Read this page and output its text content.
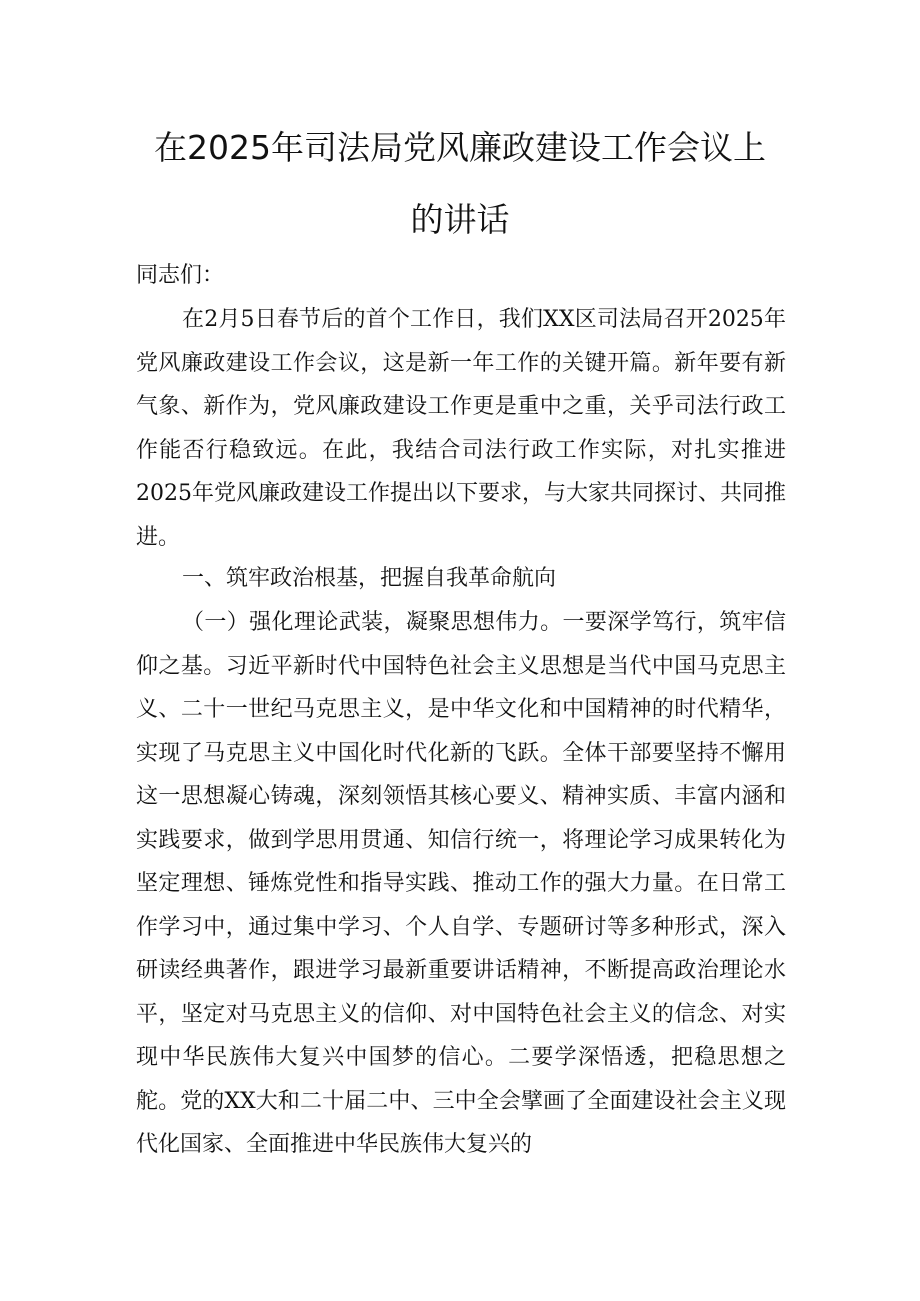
在2025年司法局党风廉政建设工作会议上
的讲话

同志们：

在2月5日春节后的首个工作日，我们XX区司法局召开2025年党风廉政建设工作会议，这是新一年工作的关键开篇。新年要有新气象、新作为，党风廉政建设工作更是重中之重，关乎司法行政工作能否行稳致远。在此，我结合司法行政工作实际，对扎实推进2025年党风廉政建设工作提出以下要求，与大家共同探讨、共同推进。

一、筑牢政治根基，把握自我革命航向

（一）强化理论武装，凝聚思想伟力。一要深学笃行，筑牢信仰之基。习近平新时代中国特色社会主义思想是当代中国马克思主义、二十一世纪马克思主义，是中华文化和中国精神的时代精华，实现了马克思主义中国化时代化新的飞跃。全体干部要坚持不懈用这一思想凝心铸魂，深刻领悟其核心要义、精神实质、丰富内涵和实践要求，做到学思用贯通、知信行统一，将理论学习成果转化为坚定理想、锤炼党性和指导实践、推动工作的强大力量。在日常工作学习中，通过集中学习、个人自学、专题研讨等多种形式，深入研读经典著作，跟进学习最新重要讲话精神，不断提高政治理论水平，坚定对马克思主义的信仰、对中国特色社会主义的信念、对实现中华民族伟大复兴中国梦的信心。二要学深悟透，把稳思想之舵。党的XX大和二十届二中、三中全会擘画了全面建设社会主义现代化国家、全面推进中华民族伟大复兴的
